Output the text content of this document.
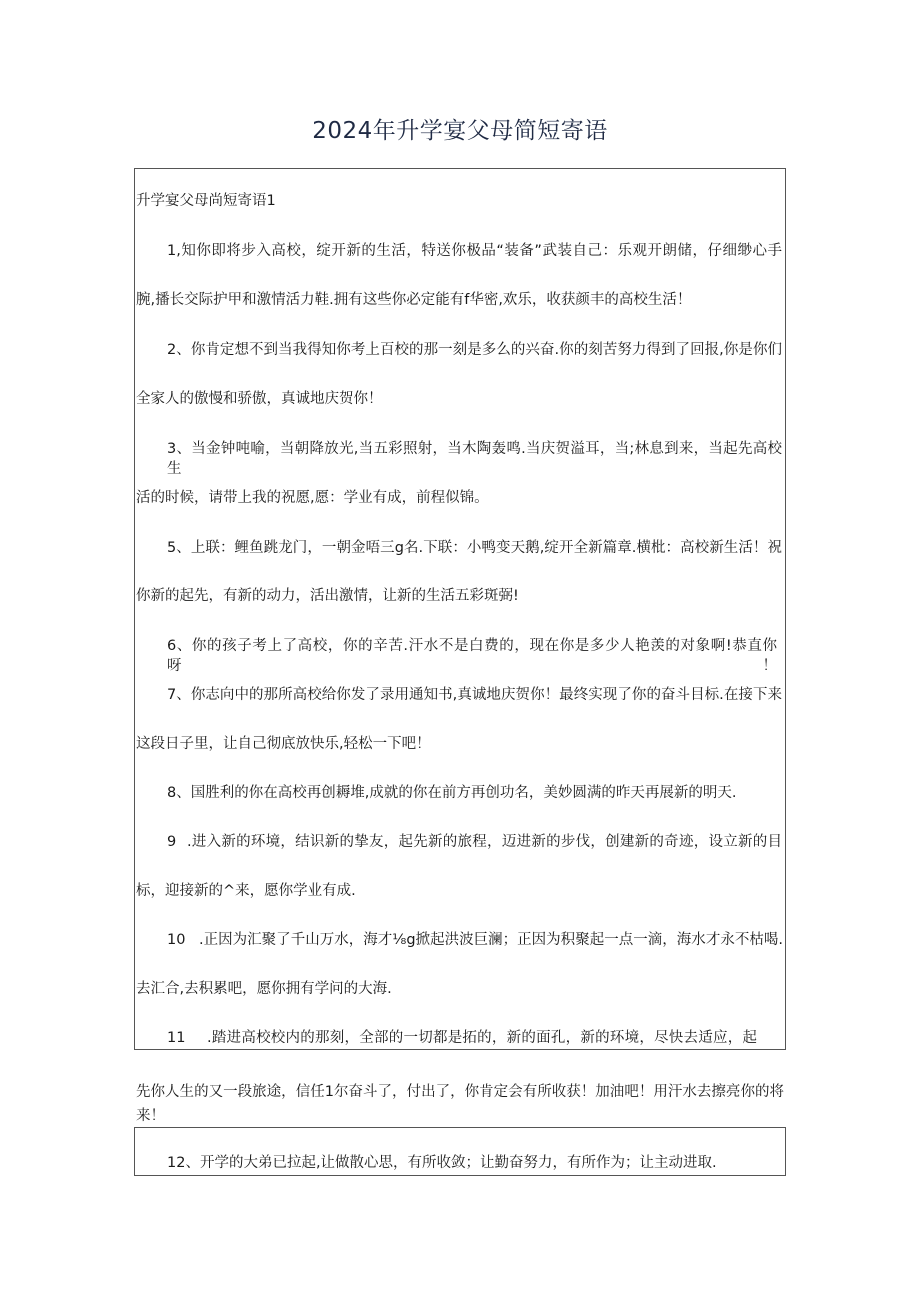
2024年升学宴父母简短寄语
升学宴父母尚短寄语1
1,知你即将步入高校，绽开新的生活，特送你极品“装备”武装自己：乐观开朗储，仔细缈心手
腕,播长交际护甲和激情活力鞋.拥有这些你必定能有f华密,欢乐，收获颜丰的高校生活！
2、你肯定想不到当我得知你考上百校的那一刻是多么的兴奋.你的刻苦努力得到了回报,你是你们
全家人的傲慢和骄傲，真诚地庆贺你！
3、当金钟吨喻，当朝降放光,当五彩照射，当木陶轰鸣.当庆贺溢耳，当;林息到来，当起先高校生
活的时候，请带上我的祝愿,愿：学业有成，前程似锦。
5、上联：鲤鱼跳龙门，一朝金唔三g名.下联：小鸭变天鹅,绽开全新篇章.横枇：高校新生活！祝
你新的起先，有新的动力，活出激情，让新的生活五彩斑弼!
6、你的孩子考上了高校，你的辛苦.汗水不是白费的，现在你是多少人艳羡的对象啊!恭直你呀！
7、你志向中的那所高校给你发了录用通知书,真诚地庆贺你！最终实现了你的奋斗目标.在接下来
这段日子里，让自己彻底放快乐,轻松一下吧！
8、国胜利的你在高校再创耨堆,成就的你在前方再创功名，美妙圆满的昨天再展新的明天.
9 .进入新的环境，结识新的挚友，起先新的旅程，迈进新的步伐，创建新的奇迹，设立新的目
标，迎接新的^来，愿你学业有成.
10 .正因为汇聚了千山万水，海才⅛g掀起洪波巨澜；正因为积聚起一点一滴，海水才永不枯喝.
去汇合,去积累吧，愿你拥有学问的大海.
11 .踏进高校校内的那刻，全部的一切都是拓的，新的面孔，新的环境，尽快去适应，起
先你人生的又一段旅途，信任1尔奋斗了，付出了，你肯定会有所收获！加油吧！用汗水去擦亮你的将
来！
12、开学的大弟已拉起,让做散心思，有所收敛；让勤奋努力，有所作为；让主动进取.
